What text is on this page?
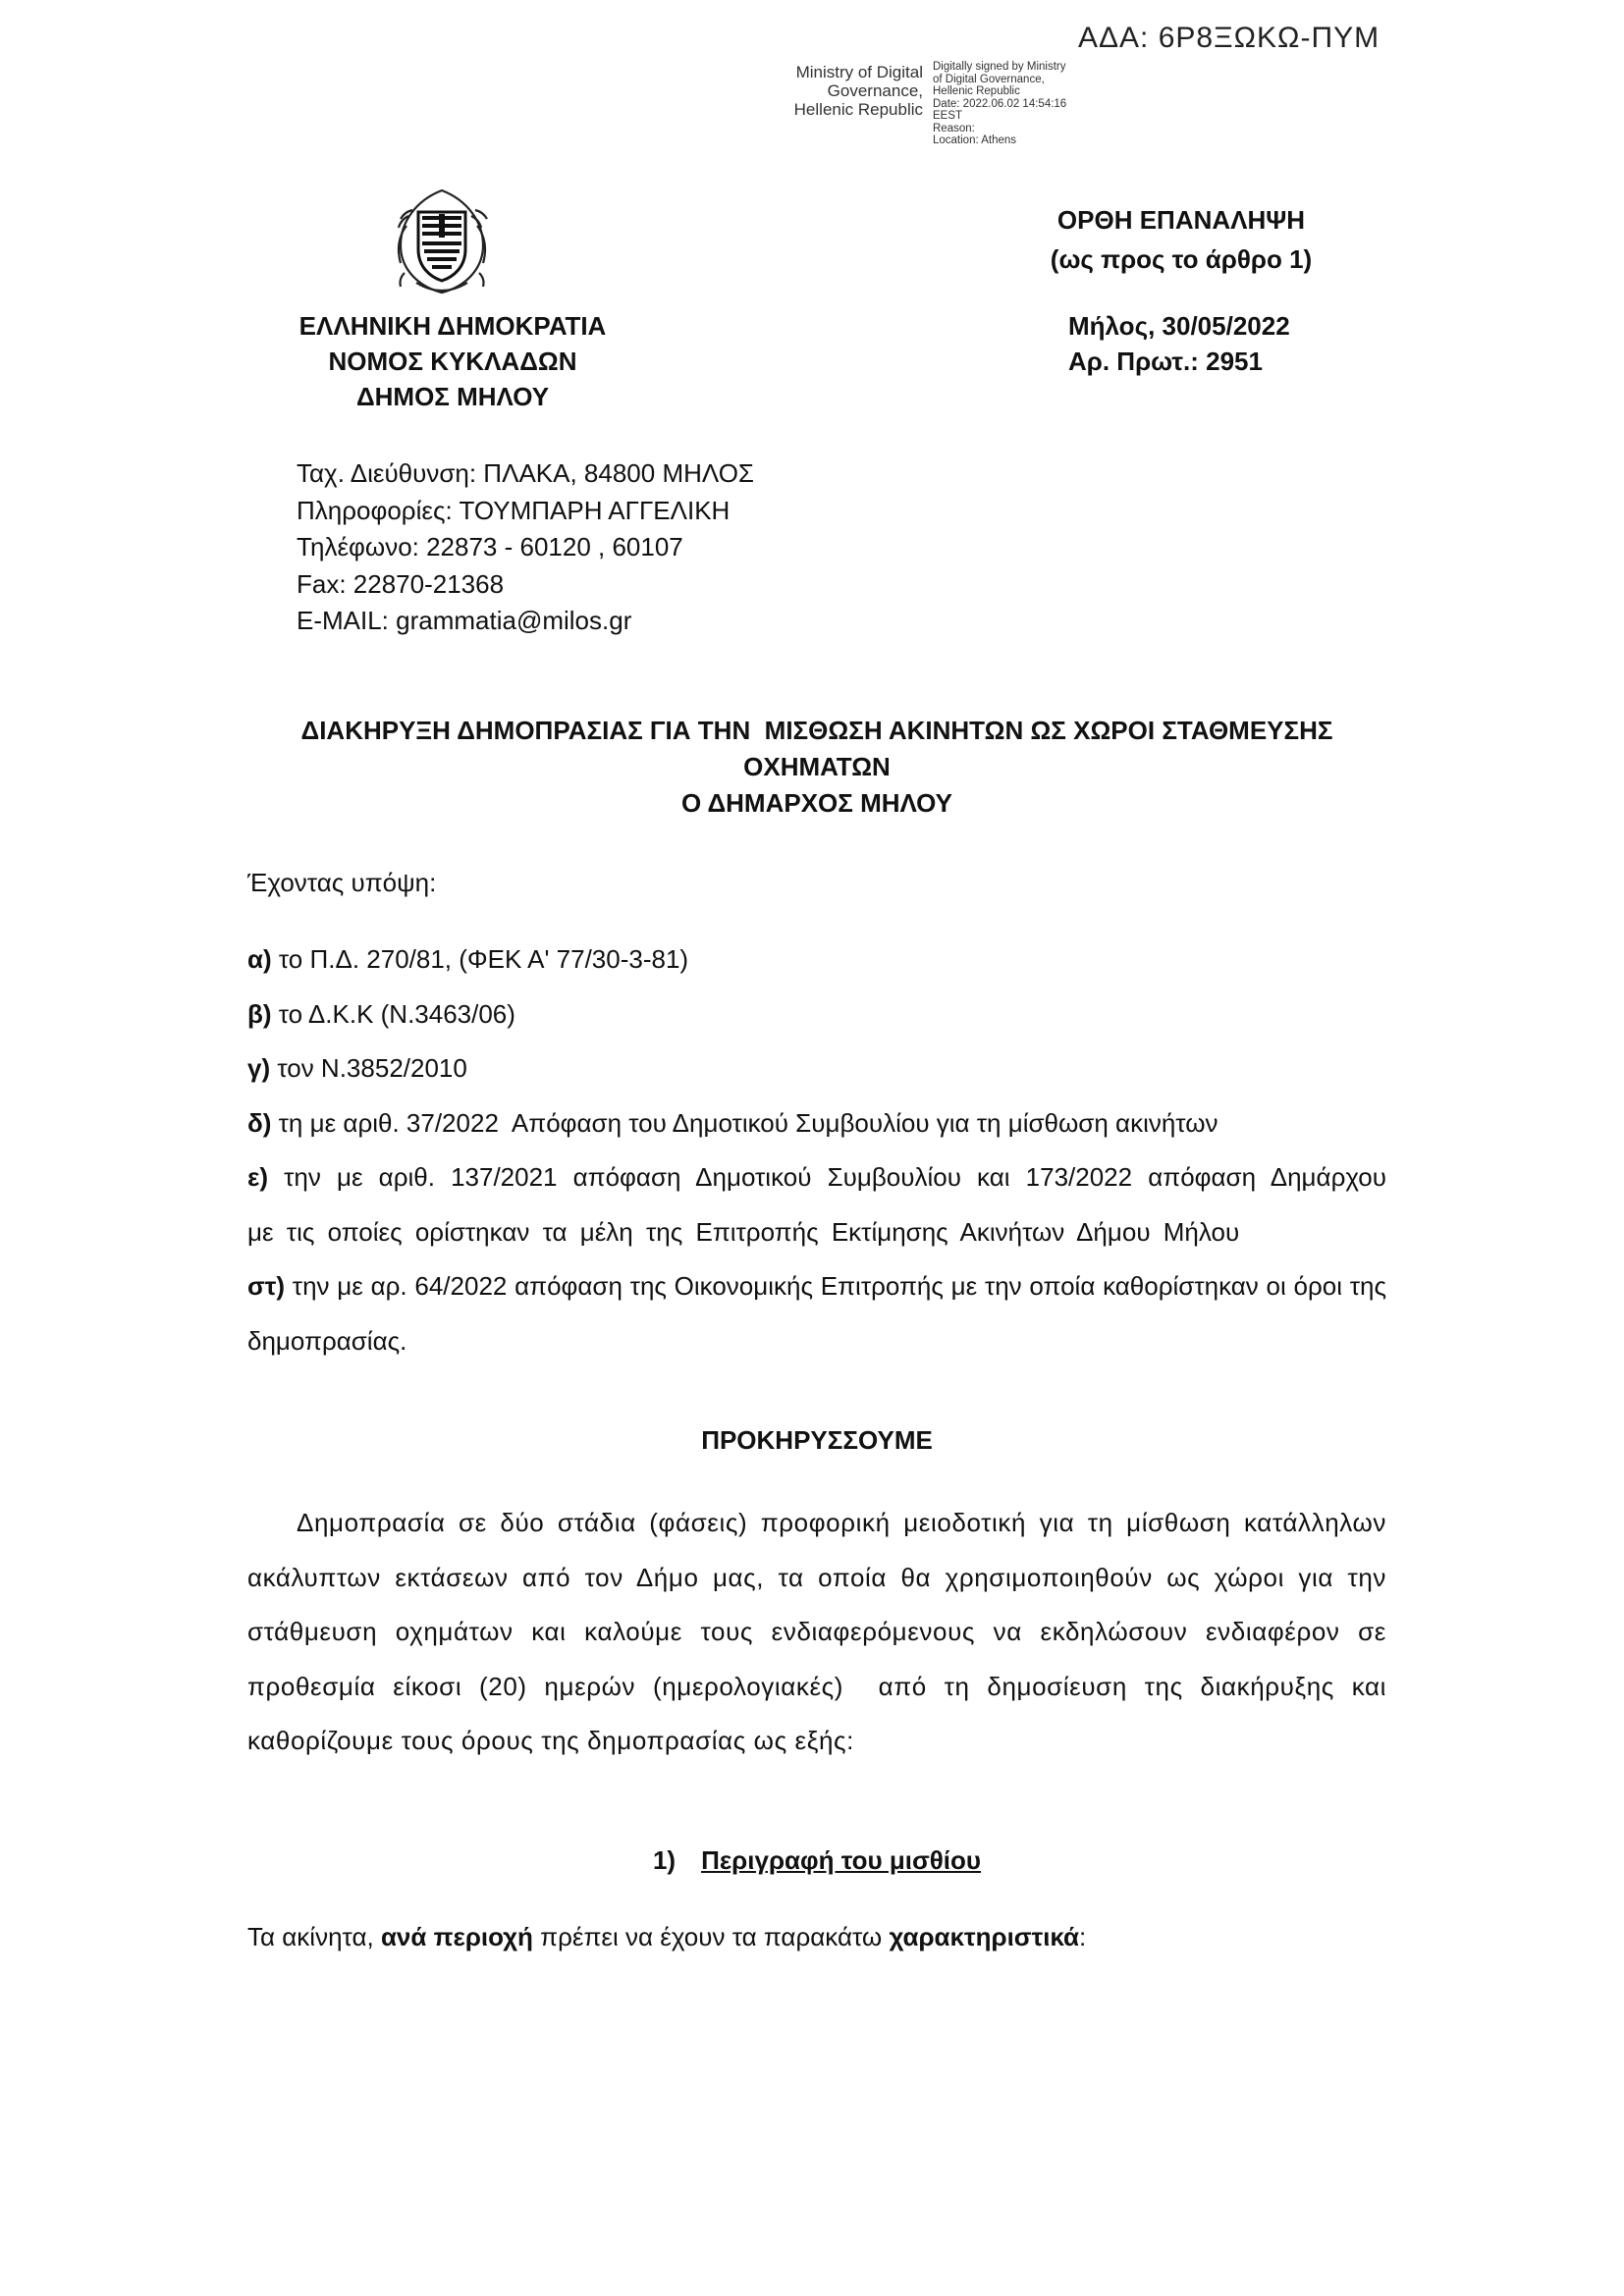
ΑΔΑ: 6Ρ8ΞΩΚΩ-ΠΥΜ
Ministry of Digital Governance, Hellenic Republic
Digitally signed by Ministry
of Digital Governance,
Hellenic Republic
Date: 2022.06.02 14:54:16
EEST
Reason:
Location: Athens
ΟΡΘΗ ΕΠΑΝΑΛΗΨΗ
(ως προς το άρθρο 1)
ΕΛΛΗΝΙΚΗ ΔΗΜΟΚΡΑΤΙΑ
ΝΟΜΟΣ ΚΥΚΛΑΔΩΝ
ΔΗΜΟΣ ΜΗΛΟΥ
Μήλος, 30/05/2022
Αρ. Πρωτ.: 2951
Ταχ. Διεύθυνση: ΠΛΑΚΑ, 84800 ΜΗΛΟΣ
Πληροφορίες: ΤΟΥΜΠΑΡΗ ΑΓΓΕΛΙΚΗ
Τηλέφωνο: 22873 - 60120 , 60107
Fax: 22870-21368
E-MAIL: grammatia@milos.gr
ΔΙΑΚΗΡΥΞΗ ΔΗΜΟΠΡΑΣΙΑΣ ΓΙΑ ΤΗΝ  ΜΙΣΘΩΣΗ ΑΚΙΝΗΤΩΝ ΩΣ ΧΩΡΟΙ ΣΤΑΘΜΕΥΣΗΣ
ΟΧΗΜΑΤΩΝ
Ο ΔΗΜΑΡΧΟΣ ΜΗΛΟΥ
Έχοντας υπόψη:
α) το Π.Δ. 270/81, (ΦΕΚ Α' 77/30-3-81)
β) το Δ.Κ.Κ (Ν.3463/06)
γ) τον Ν.3852/2010
δ) τη με αριθ. 37/2022  Απόφαση του Δημοτικού Συμβουλίου για τη μίσθωση ακινήτων
ε) την με αριθ. 137/2021 απόφαση Δημοτικού Συμβουλίου και 173/2022 απόφαση Δημάρχου με τις οποίες ορίστηκαν τα μέλη της Επιτροπής Εκτίμησης Ακινήτων Δήμου Μήλου
στ) την με αρ. 64/2022 απόφαση της Οικονομικής Επιτροπής με την οποία καθορίστηκαν οι όροι της δημοπρασίας.
ΠΡΟΚΗΡΥΣΣΟΥΜΕ
Δημοπρασία σε δύο στάδια (φάσεις) προφορική μειοδοτική για τη μίσθωση κατάλληλων ακάλυπτων εκτάσεων από τον Δήμο μας, τα οποία θα χρησιμοποιηθούν ως χώροι για την στάθμευση οχημάτων και καλούμε τους ενδιαφερόμενους να εκδηλώσουν ενδιαφέρον σε προθεσμία είκοσι (20) ημερών (ημερολογιακές)  από τη δημοσίευση της διακήρυξης και καθορίζουμε τους όρους της δημοπρασίας ως εξής:
1) Περιγραφή του μισθίου
Τα ακίνητα, ανά περιοχή πρέπει να έχουν τα παρακάτω χαρακτηριστικά:
